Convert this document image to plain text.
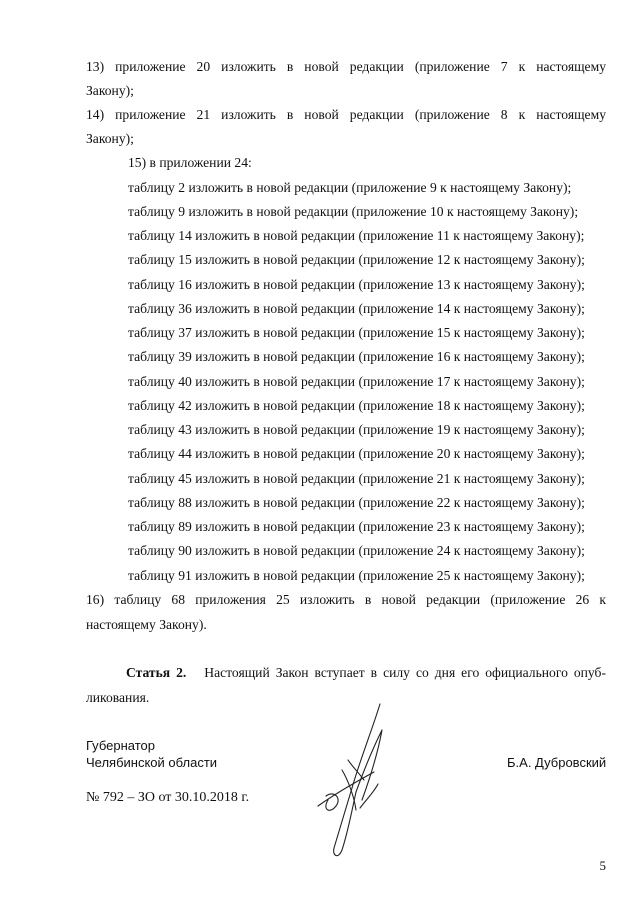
13) приложение 20 изложить в новой редакции (приложение 7 к настоящему
Закону);
14) приложение 21 изложить в новой редакции (приложение 8 к настоящему
Закону);
15) в приложении 24:
таблицу 2 изложить в новой редакции (приложение 9 к настоящему Закону);
таблицу 9 изложить в новой редакции (приложение 10 к настоящему Закону);
таблицу 14 изложить в новой редакции (приложение 11 к настоящему Закону);
таблицу 15 изложить в новой редакции (приложение 12 к настоящему Закону);
таблицу 16 изложить в новой редакции (приложение 13 к настоящему Закону);
таблицу 36 изложить в новой редакции (приложение 14 к настоящему Закону);
таблицу 37 изложить в новой редакции (приложение 15 к настоящему Закону);
таблицу 39 изложить в новой редакции (приложение 16 к настоящему Закону);
таблицу 40 изложить в новой редакции (приложение 17 к настоящему Закону);
таблицу 42 изложить в новой редакции (приложение 18 к настоящему Закону);
таблицу 43 изложить в новой редакции (приложение 19 к настоящему Закону);
таблицу 44 изложить в новой редакции (приложение 20 к настоящему Закону);
таблицу 45 изложить в новой редакции (приложение 21 к настоящему Закону);
таблицу 88 изложить в новой редакции (приложение 22 к настоящему Закону);
таблицу 89 изложить в новой редакции (приложение 23 к настоящему Закону);
таблицу 90 изложить в новой редакции (приложение 24 к настоящему Закону);
таблицу 91 изложить в новой редакции (приложение 25 к настоящему Закону);
16) таблицу 68 приложения 25 изложить в новой редакции (приложение 26 к
настоящему Закону).
Статья 2. Настоящий Закон вступает в силу со дня его официального опуб-
ликования.
Губернатор
Челябинской области	Б.А. Дубровский
№ 792 – ЗО от 30.10.2018 г.
5
